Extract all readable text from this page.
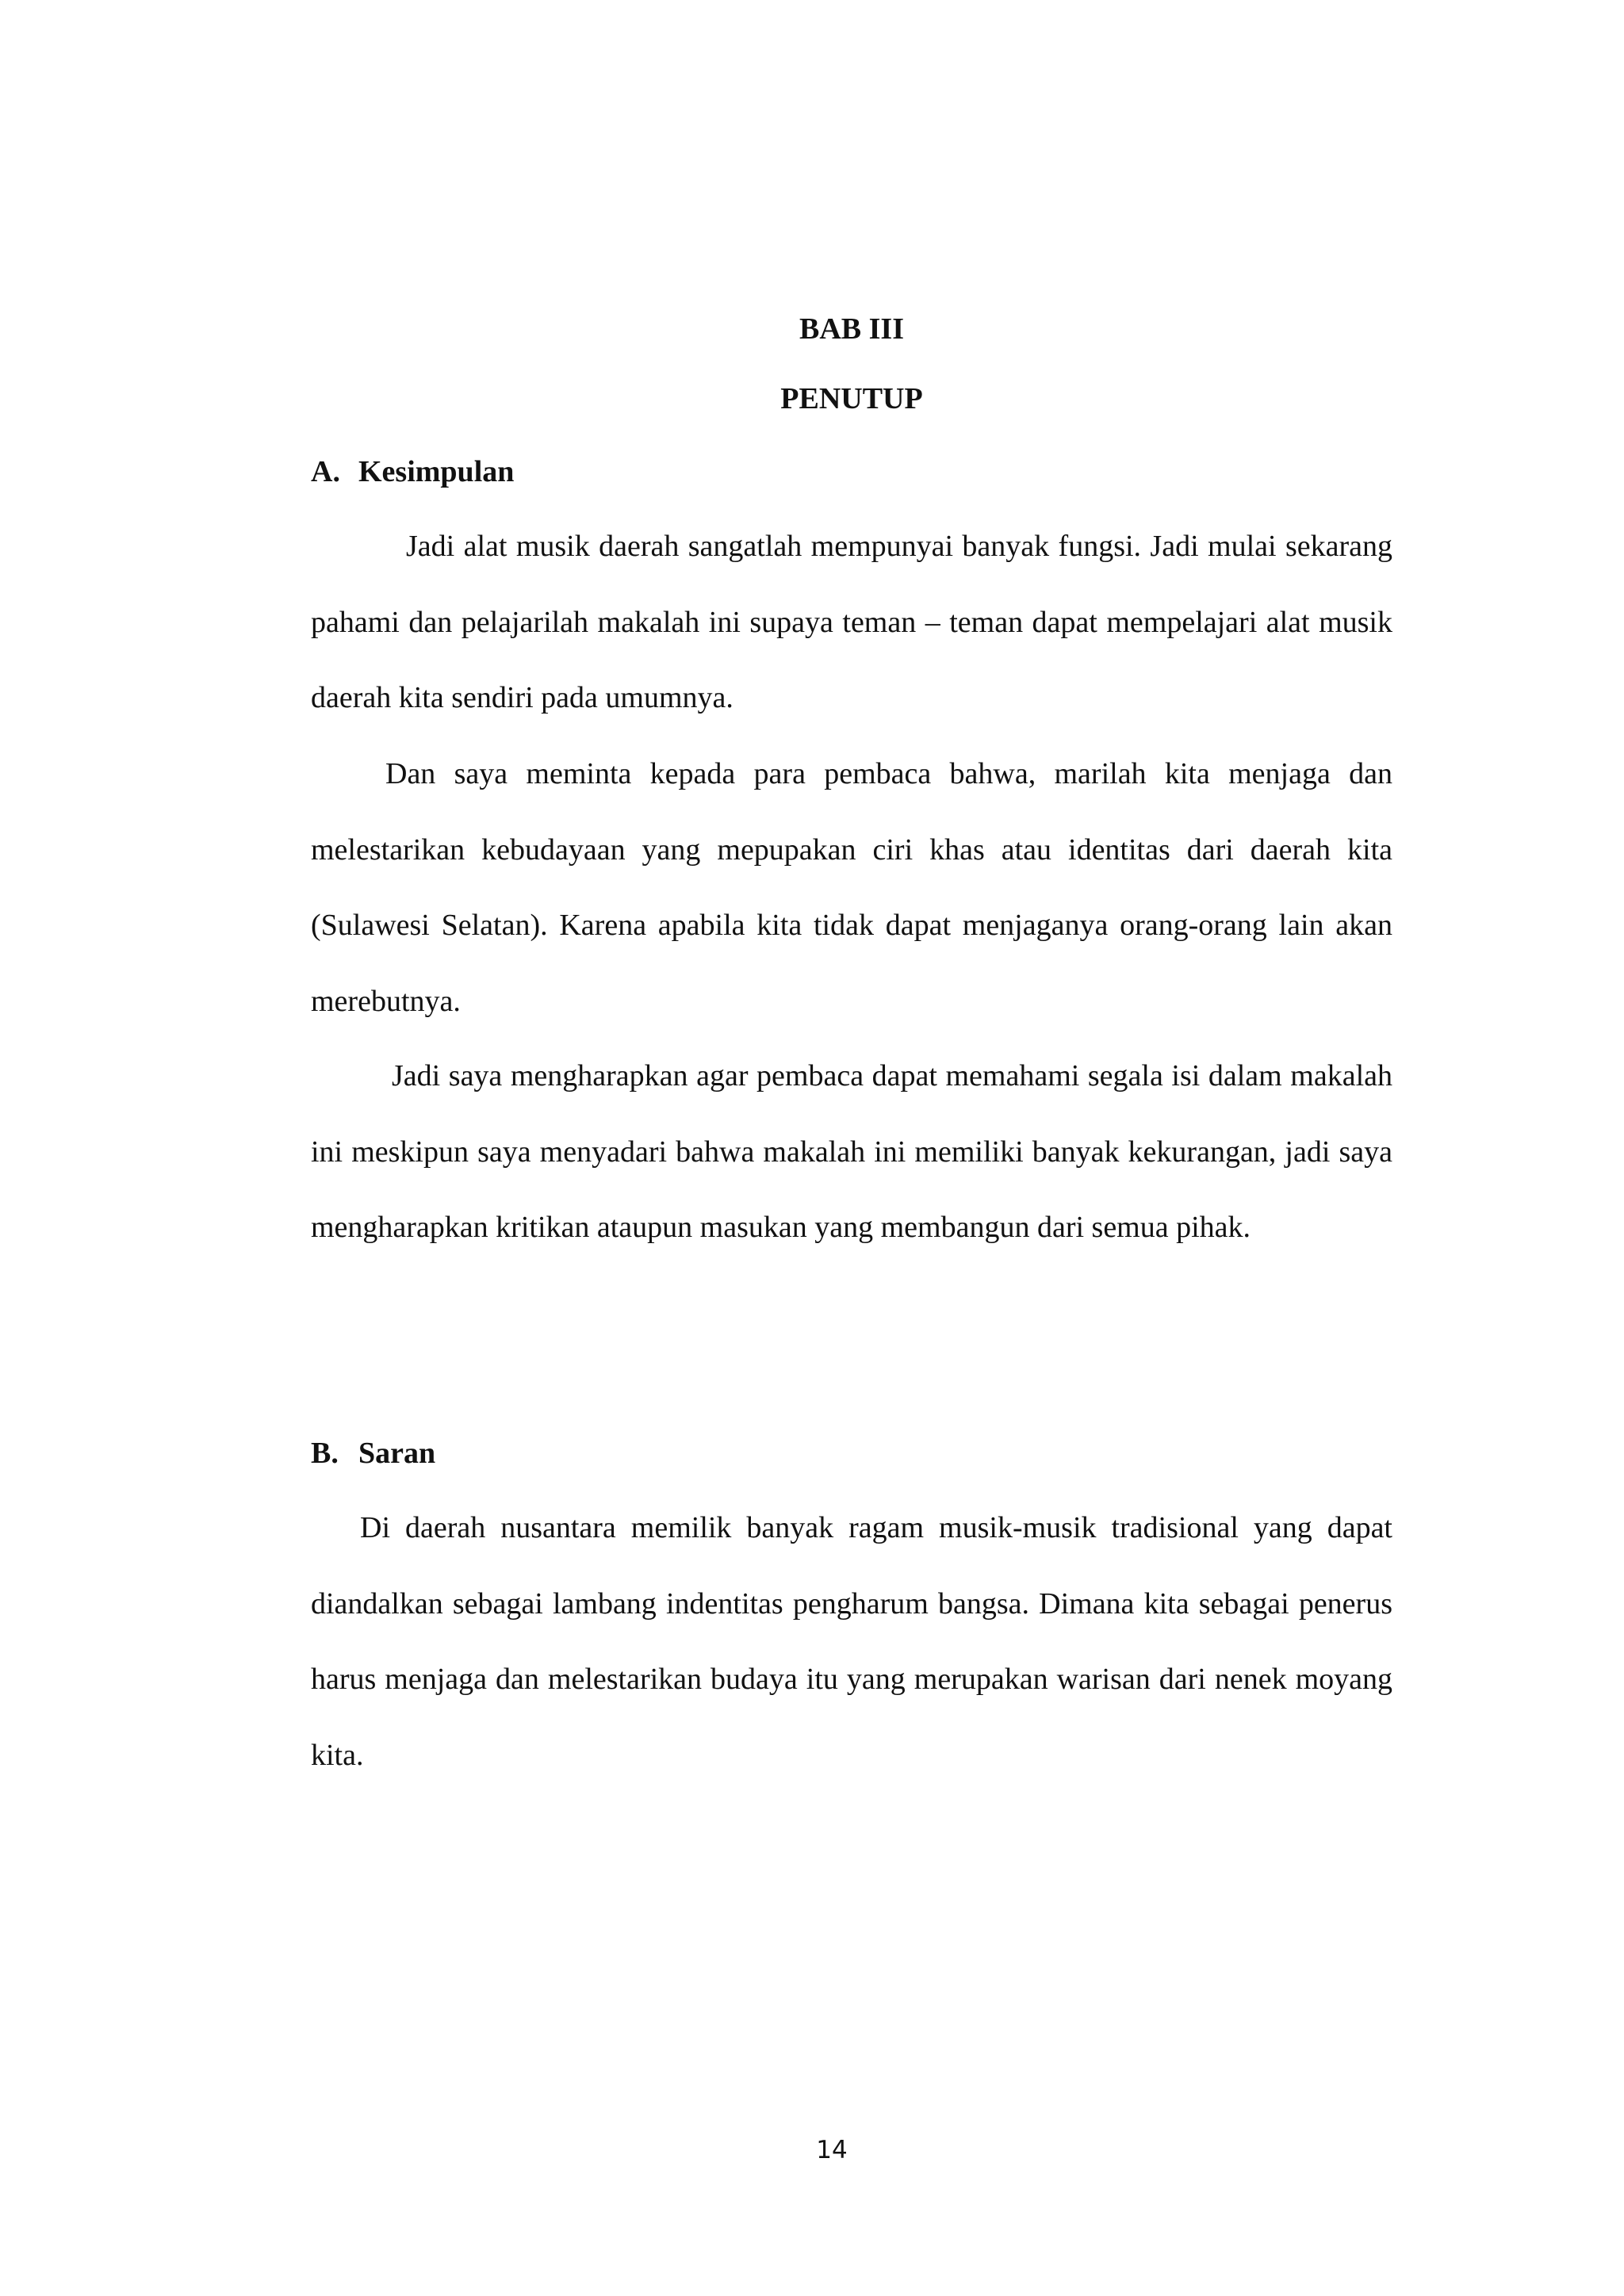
BAB III
PENUTUP
A. Kesimpulan

Jadi alat musik daerah sangatlah mempunyai banyak fungsi. Jadi mulai sekarang pahami dan pelajarilah makalah ini supaya teman – teman dapat mempelajari alat musik daerah kita sendiri pada umumnya.

Dan saya meminta kepada para pembaca bahwa, marilah kita menjaga dan melestarikan kebudayaan yang mepupakan ciri khas atau identitas dari daerah kita (Sulawesi Selatan). Karena apabila kita tidak dapat menjaganya orang-orang lain akan merebutnya.

Jadi saya mengharapkan agar pembaca dapat memahami segala isi dalam makalah ini meskipun saya menyadari bahwa makalah ini memiliki banyak kekurangan, jadi saya mengharapkan kritikan ataupun masukan yang membangun dari semua pihak.

B. Saran

Di daerah nusantara memilik banyak ragam musik-musik tradisional yang dapat diandalkan sebagai lambang indentitas pengharum bangsa. Dimana kita sebagai penerus harus menjaga dan melestarikan budaya itu yang merupakan warisan dari nenek moyang kita.

14
